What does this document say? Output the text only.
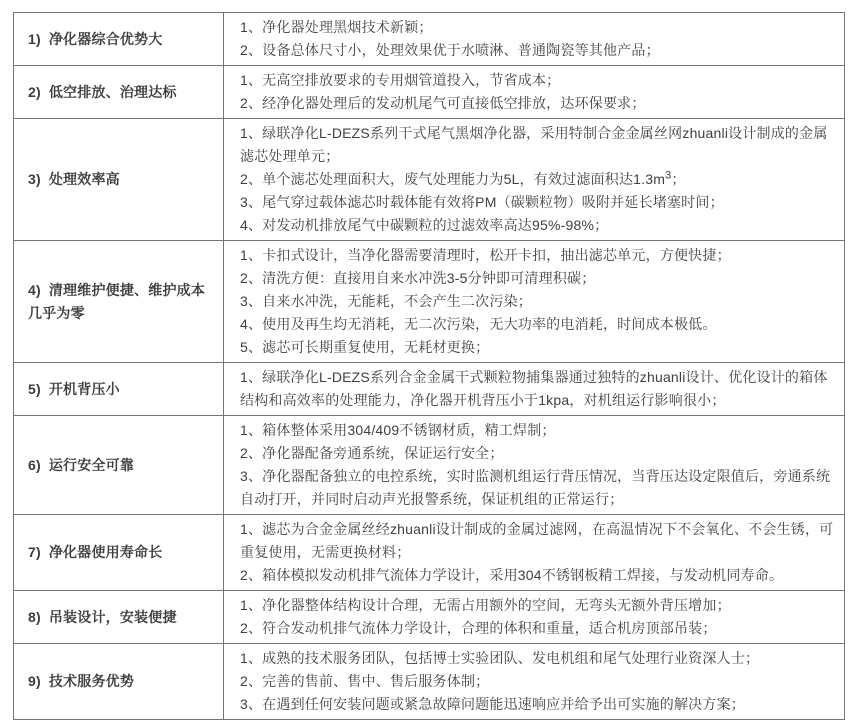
1) 净化器综合优势大	1、净化器处理黑烟技术新颖；
2、设备总体尺寸小，处理效果优于水喷淋、普通陶瓷等其他产品；

2) 低空排放、治理达标	1、无高空排放要求的专用烟管道投入，节省成本；
2、经净化器处理后的发动机尾气可直接低空排放，达环保要求；

3) 处理效率高	1、绿联净化L-DEZS系列干式尾气黑烟净化器，采用特制合金金属丝网zhuanli设计制成的金属滤芯处理单元；
2、单个滤芯处理面积大，废气处理能力为5L，有效过滤面积达$1.3m^3$；
3、尾气穿过载体滤芯时载体能有效将PM（碳颗粒物）吸附并延长堵塞时间；
4、对发动机排放尾气中碳颗粒的过滤效率高达95%-98%；

4) 清理维护便捷、维护成本几乎为零	1、卡扣式设计，当净化器需要清理时，松开卡扣，抽出滤芯单元，方便快捷；
2、清洗方便：直接用自来水冲洗3-5分钟即可清理积碳；
3、自来水冲洗，无能耗，不会产生二次污染；
4、使用及再生均无消耗，无二次污染，无大功率的电消耗，时间成本极低。
5、滤芯可长期重复使用，无耗材更换；

5) 开机背压小	1、绿联净化L-DEZS系列合金金属干式颗粒物捕集器通过独特的zhuanli设计、优化设计的箱体结构和高效率的处理能力，净化器开机背压小于1kpa，对机组运行影响很小；

6) 运行安全可靠	1、箱体整体采用304/409不锈钢材质，精工焊制；
2、净化器配备旁通系统，保证运行安全；
3、净化器配备独立的电控系统，实时监测机组运行背压情况，当背压达设定限值后，旁通系统自动打开，并同时启动声光报警系统，保证机组的正常运行；

7) 净化器使用寿命长	1、滤芯为合金金属丝经zhuanli设计制成的金属过滤网，在高温情况下不会氧化、不会生锈，可重复使用，无需更换材料；
2、箱体模拟发动机排气流体力学设计，采用304不锈钢板精工焊接，与发动机同寿命。

8) 吊装设计，安装便捷	1、净化器整体结构设计合理，无需占用额外的空间，无弯头无额外背压增加；
2、符合发动机排气流体力学设计，合理的体积和重量，适合机房顶部吊装；

9) 技术服务优势	1、成熟的技术服务团队，包括博士实验团队、发电机组和尾气处理行业资深人士；
2、完善的售前、售中、售后服务体制；
3、在遇到任何安装问题或紧急故障问题能迅速响应并给予出可实施的解决方案；
